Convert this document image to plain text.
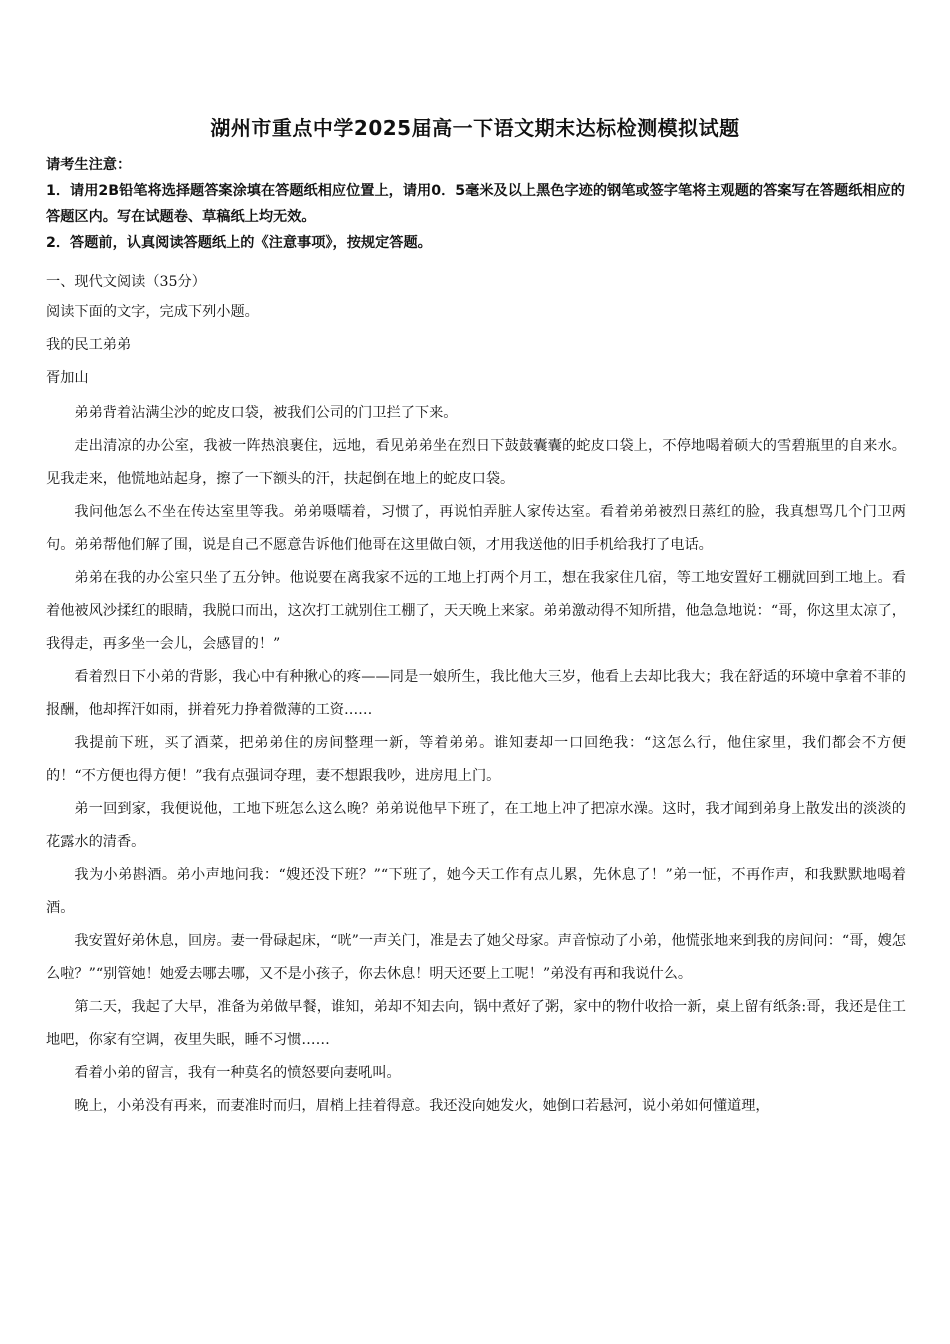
湖州市重点中学2025届高一下语文期末达标检测模拟试题
请考生注意：
1．请用2B铅笔将选择题答案涂填在答题纸相应位置上，请用0．5毫米及以上黑色字迹的钢笔或签字笔将主观题的答案写在答题纸相应的答题区内。写在试题卷、草稿纸上均无效。
2．答题前，认真阅读答题纸上的《注意事项》，按规定答题。
一、现代文阅读（35分）
阅读下面的文字，完成下列小题。
我的民工弟弟
胥加山

弟弟背着沾满尘沙的蛇皮口袋，被我们公司的门卫拦了下来。

走出清凉的办公室，我被一阵热浪裹住，远地，看见弟弟坐在烈日下鼓鼓囊囊的蛇皮口袋上，不停地喝着硕大的雪碧瓶里的自来水。见我走来，他慌地站起身，擦了一下额头的汗，扶起倒在地上的蛇皮口袋。

我问他怎么不坐在传达室里等我。弟弟嗫嚅着，习惯了，再说怕弄脏人家传达室。看着弟弟被烈日蒸红的脸，我真想骂几个门卫两句。弟弟帮他们解了围，说是自己不愿意告诉他们他哥在这里做白领，才用我送他的旧手机给我打了电话。

弟弟在我的办公室只坐了五分钟。他说要在离我家不远的工地上打两个月工，想在我家住几宿，等工地安置好工棚就回到工地上。看着他被风沙揉红的眼睛，我脱口而出，这次打工就别住工棚了，天天晚上来家。弟弟激动得不知所措，他急急地说：“哥，你这里太凉了，我得走，再多坐一会儿，会感冒的！”

看着烈日下小弟的背影，我心中有种揪心的疼——同是一娘所生，我比他大三岁，他看上去却比我大；我在舒适的环境中拿着不菲的报酬，他却挥汗如雨，拼着死力挣着微薄的工资……

我提前下班，买了酒菜，把弟弟住的房间整理一新，等着弟弟。谁知妻却一口回绝我：“这怎么行，他住家里，我们都会不方便的！“不方便也得方便！”我有点强词夺理，妻不想跟我吵，进房甩上门。

弟一回到家，我便说他，工地下班怎么这么晚？弟弟说他早下班了，在工地上冲了把凉水澡。这时，我才闻到弟身上散发出的淡淡的花露水的清香。

我为小弟斟酒。弟小声地问我：“嫂还没下班？”“下班了，她今天工作有点儿累，先休息了！”弟一怔，不再作声，和我默默地喝着酒。

我安置好弟休息，回房。妻一骨碌起床，“咣”一声关门，准是去了她父母家。声音惊动了小弟，他慌张地来到我的房间问：“哥，嫂怎么啦？”“别管她！她爱去哪去哪，又不是小孩子，你去休息！明天还要上工呢！”弟没有再和我说什么。

第二天，我起了大早，准备为弟做早餐，谁知，弟却不知去向，锅中煮好了粥，家中的物什收拾一新，桌上留有纸条:哥，我还是住工地吧，你家有空调，夜里失眠，睡不习惯……

看着小弟的留言，我有一种莫名的愤怒要向妻吼叫。

晚上，小弟没有再来，而妻准时而归，眉梢上挂着得意。我还没向她发火，她倒口若悬河，说小弟如何懂道理，
